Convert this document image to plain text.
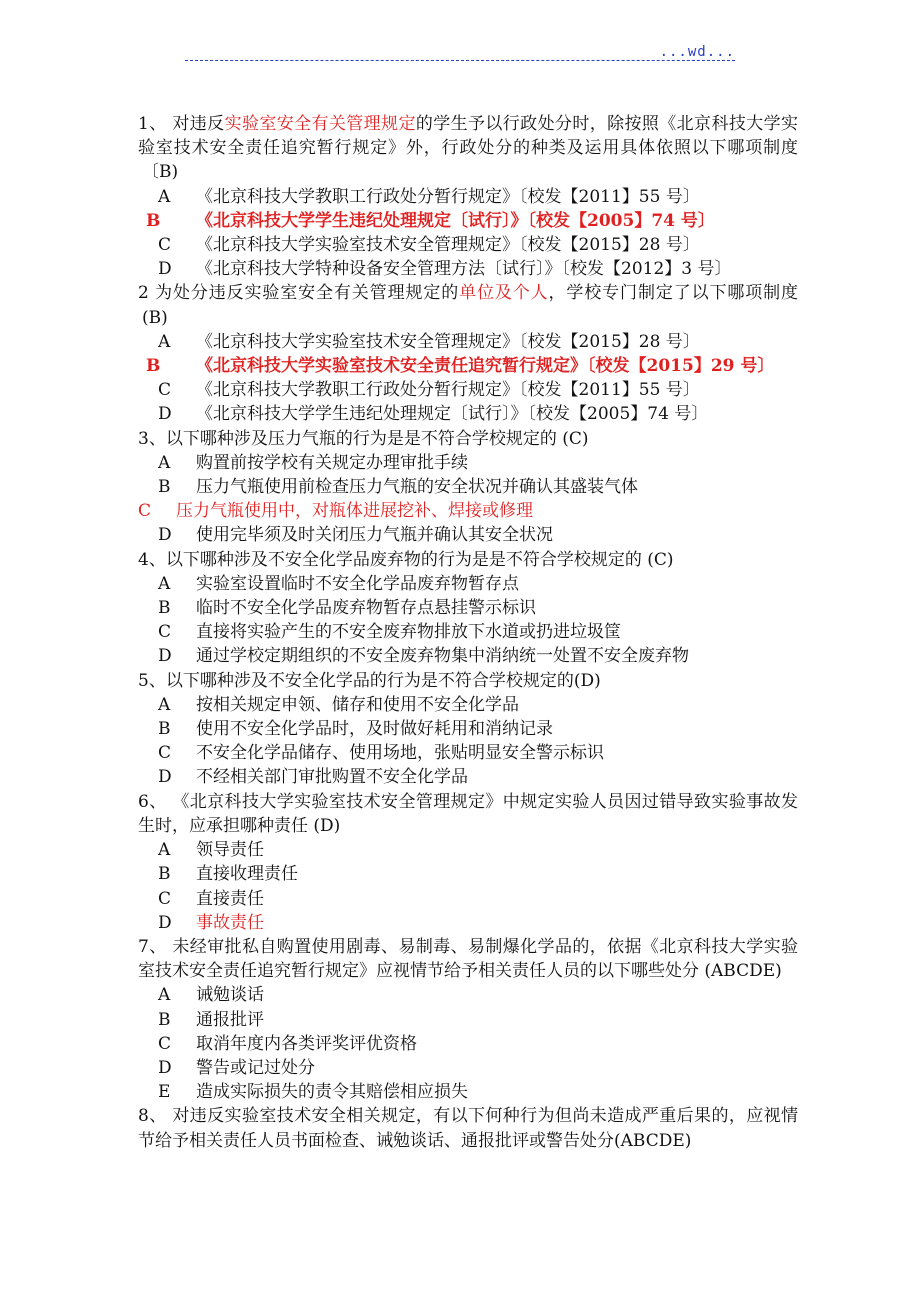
...wd...

1、 对违反实验室安全有关管理规定的学生予以行政处分时，除按照《北京科技大学实验室技术安全责任追究暂行规定》外，行政处分的种类及运用具体依照以下哪项制度 〔B)

A 《北京科技大学教职工行政处分暂行规定》〔校发【2011】55 号〕

B 《北京科技大学学生违纪处理规定〔试行〕》〔校发【2005】74 号〕

C 《北京科技大学实验室技术安全管理规定》〔校发【2015】28 号〕

D 《北京科技大学特种设备安全管理方法〔试行〕》〔校发【2012】3 号〕

2 为处分违反实验室安全有关管理规定的单位及个人，学校专门制定了以下哪项制度 (B)

A 《北京科技大学实验室技术安全管理规定》〔校发【2015】28 号〕

B 《北京科技大学实验室技术安全责任追究暂行规定》〔校发【2015】29 号〕

C 《北京科技大学教职工行政处分暂行规定》〔校发【2011】55 号〕

D 《北京科技大学学生违纪处理规定〔试行〕》〔校发【2005】74 号〕

3、以下哪种涉及压力气瓶的行为是是不符合学校规定的 (C)

A 购置前按学校有关规定办理审批手续

B 压力气瓶使用前检查压力气瓶的安全状况并确认其盛装气体

C 压力气瓶使用中，对瓶体进展挖补、焊接或修理

D 使用完毕须及时关闭压力气瓶并确认其安全状况

4、以下哪种涉及不安全化学品废弃物的行为是是不符合学校规定的 (C)

A 实验室设置临时不安全化学品废弃物暂存点

B 临时不安全化学品废弃物暂存点悬挂警示标识

C 直接将实验产生的不安全废弃物排放下水道或扔进垃圾筐

D 通过学校定期组织的不安全废弃物集中消纳统一处置不安全废弃物

5、以下哪种涉及不安全化学品的行为是不符合学校规定的(D)

A 按相关规定申领、储存和使用不安全化学品

B 使用不安全化学品时，及时做好耗用和消纳记录

C 不安全化学品储存、使用场地，张贴明显安全警示标识

D 不经相关部门审批购置不安全化学品

6、 《北京科技大学实验室技术安全管理规定》中规定实验人员因过错导致实验事故发生时，应承担哪种责任 (D)

A 领导责任

B 直接收理责任

C 直接责任

D 事故责任

7、 未经审批私自购置使用剧毒、易制毒、易制爆化学品的，依据《北京科技大学实验室技术安全责任追究暂行规定》应视情节给予相关责任人员的以下哪些处分 (ABCDE)

A 诫勉谈话

B 通报批评

C 取消年度内各类评奖评优资格

D 警告或记过处分

E 造成实际损失的责令其赔偿相应损失

8、 对违反实验室技术安全相关规定，有以下何种行为但尚未造成严重后果的，应视情节给予相关责任人员书面检查、诫勉谈话、通报批评或警告处分(ABCDE)
